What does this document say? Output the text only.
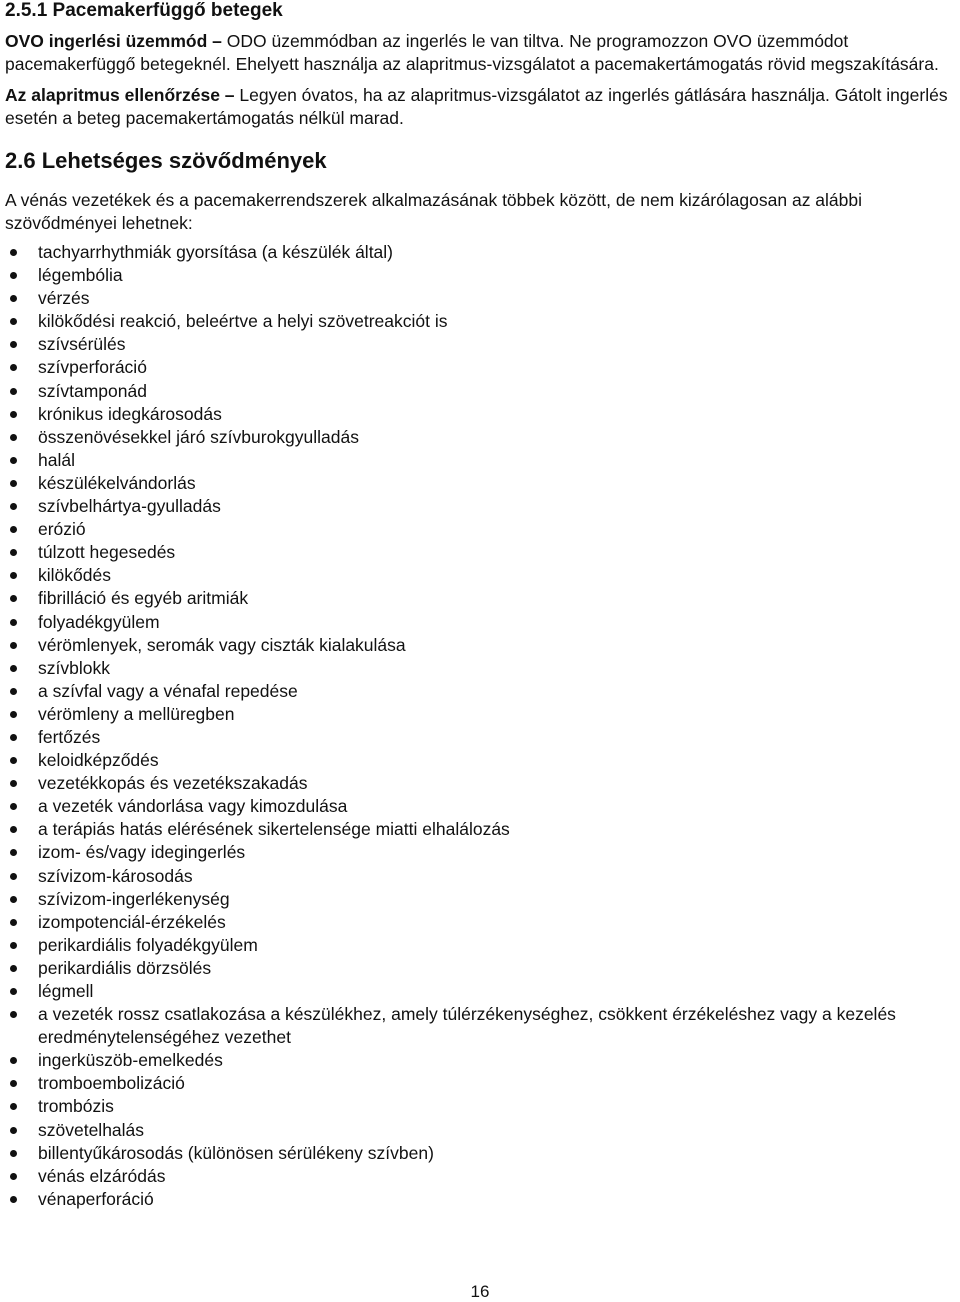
2.5.1 Pacemakerfüggő betegek

OVO ingerlési üzemmód – ODO üzemmódban az ingerlés le van tiltva. Ne programozzon OVO üzemmódot pacemakerfüggő betegeknél. Ehelyett használja az alapritmus-vizsgálatot a pacemakertámogatás rövid megszakítására.

Az alapritmus ellenőrzése – Legyen óvatos, ha az alapritmus-vizsgálatot az ingerlés gátlására használja. Gátolt ingerlés esetén a beteg pacemakertámogatás nélkül marad.

2.6 Lehetséges szövődmények

A vénás vezetékek és a pacemakerrendszerek alkalmazásának többek között, de nem kizárólagosan az alábbi szövődményei lehetnek:

tachyarrhythmiák gyorsítása (a készülék által)
légembólia
vérzés
kilökődési reakció, beleértve a helyi szövetreakciót is
szívsérülés
szívperforáció
szívtamponád
krónikus idegkárosodás
összenövésekkel járó szívburokgyulladás
halál
készülékelvándorlás
szívbelhártya-gyulladás
erózió
túlzott hegesedés
kilökődés
fibrilláció és egyéb aritmiák
folyadékgyülem
vérömlenyek, seromák vagy ciszták kialakulása
szívblokk
a szívfal vagy a vénafal repedése
vérömleny a mellüregben
fertőzés
keloidképződés
vezetékkopás és vezetékszakadás
a vezeték vándorlása vagy kimozdulása
a terápiás hatás elérésének sikertelensége miatti elhalálozás
izom- és/vagy idegingerlés
szívizom-károsodás
szívizom-ingerlékenység
izompotenciál-érzékelés
perikardiális folyadékgyülem
perikardiális dörzsölés
légmell
a vezeték rossz csatlakozása a készülékhez, amely túlérzékenységhez, csökkent érzékeléshez vagy a kezelés eredménytelenségéhez vezethet
ingerküszöb-emelkedés
tromboembolizáció
trombózis
szövetelhalás
billentyűkárosodás (különösen sérülékeny szívben)
vénás elzáródás
vénaperforáció
16
